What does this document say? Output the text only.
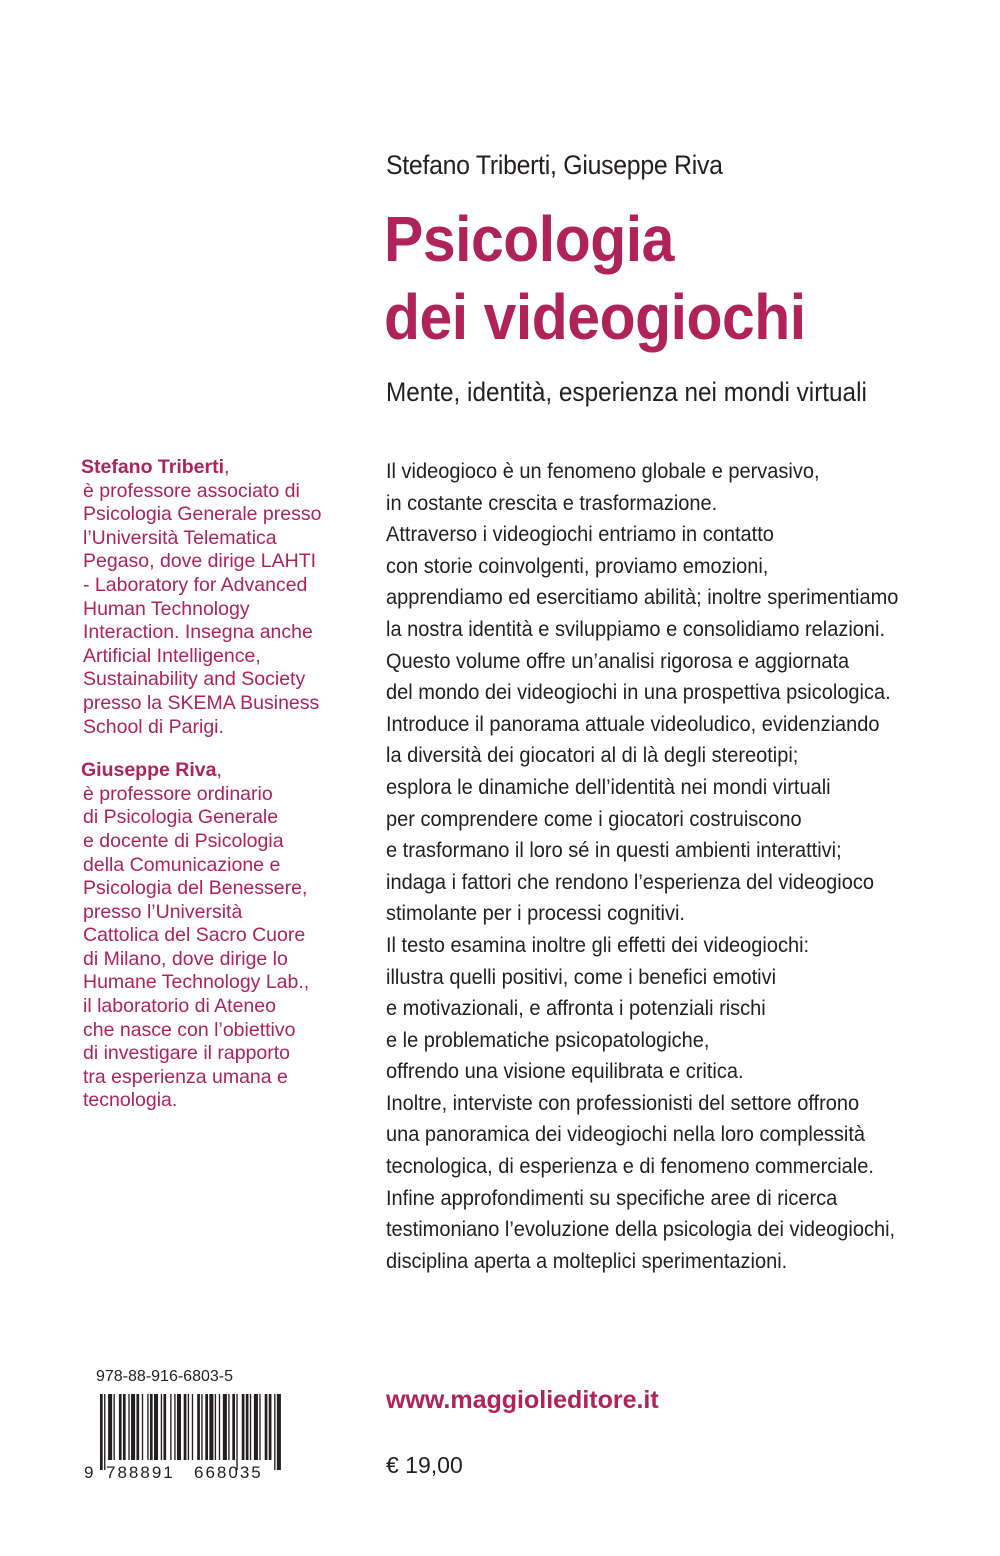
Stefano Triberti, Giuseppe Riva
Psicologia
dei videogiochi
Mente, identità, esperienza nei mondi virtuali
Stefano Triberti,
è professore associato di
Psicologia Generale presso
l’Università Telematica
Pegaso, dove dirige LAHTI
- Laboratory for Advanced
Human Technology
Interaction. Insegna anche
Artificial Intelligence,
Sustainability and Society
presso la SKEMA Business
School di Parigi.
Giuseppe Riva,
è professore ordinario
di Psicologia Generale
e docente di Psicologia
della Comunicazione e
Psicologia del Benessere,
presso l’Università
Cattolica del Sacro Cuore
di Milano, dove dirige lo
Humane Technology Lab.,
il laboratorio di Ateneo
che nasce con l’obiettivo
di investigare il rapporto
tra esperienza umana e
tecnologia.
Il videogioco è un fenomeno globale e pervasivo,
in costante crescita e trasformazione.
Attraverso i videogiochi entriamo in contatto
con storie coinvolgenti, proviamo emozioni,
apprendiamo ed esercitiamo abilità; inoltre sperimentiamo
la nostra identità e sviluppiamo e consolidiamo relazioni.
Questo volume offre un’analisi rigorosa e aggiornata
del mondo dei videogiochi in una prospettiva psicologica.
Introduce il panorama attuale videoludico, evidenziando
la diversità dei giocatori al di là degli stereotipi;
esplora le dinamiche dell’identità nei mondi virtuali
per comprendere come i giocatori costruiscono
e trasformano il loro sé in questi ambienti interattivi;
indaga i fattori che rendono l’esperienza del videogioco
stimolante per i processi cognitivi.
Il testo esamina inoltre gli effetti dei videogiochi:
illustra quelli positivi, come i benefici emotivi
e motivazionali, e affronta i potenziali rischi
e le problematiche psicopatologiche,
offrendo una visione equilibrata e critica.
Inoltre, interviste con professionisti del settore offrono
una panoramica dei videogiochi nella loro complessità
tecnologica, di esperienza e di fenomeno commerciale.
Infine approfondimenti su specifiche aree di ricerca
testimoniano l’evoluzione della psicologia dei videogiochi,
disciplina aperta a molteplici sperimentazioni.
978-88-916-6803-5
9 788891 668035
www.maggiolieditore.it
€ 19,00
